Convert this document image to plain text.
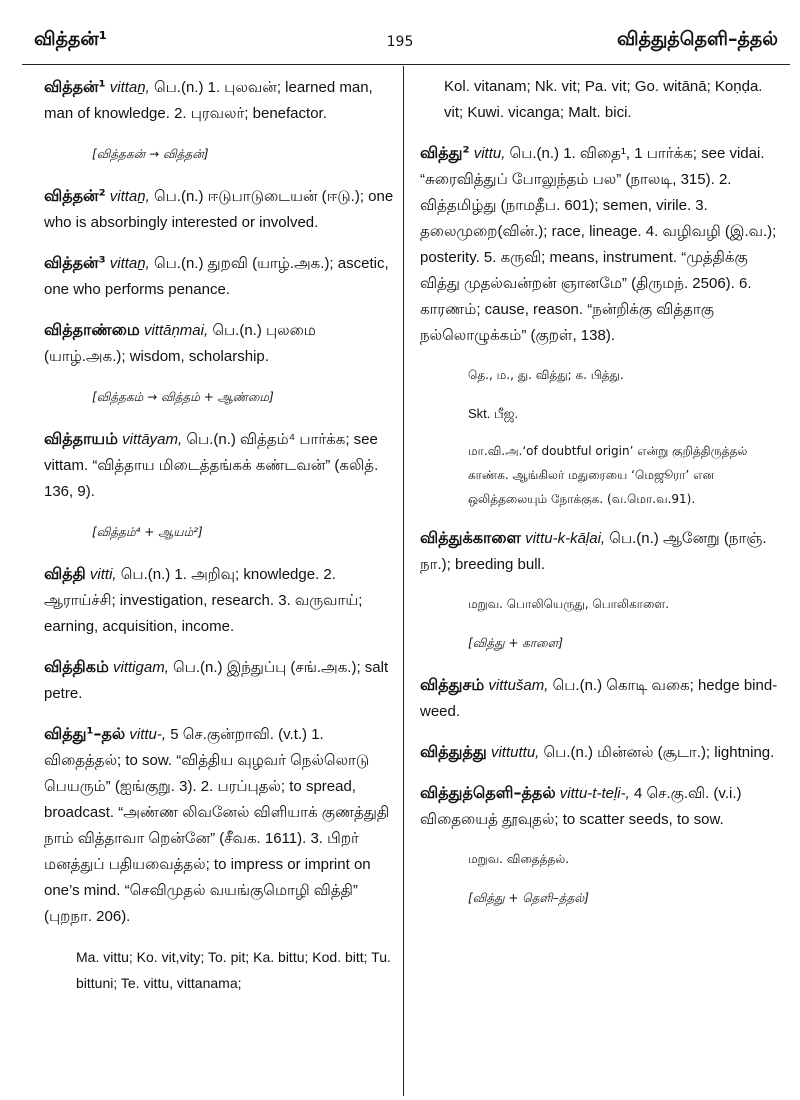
வித்தன்¹	195	வித்துத்தெளி–த்தல்
வித்தன்¹ vittaṉ, பெ.(n.) 1. புலவன்; learned man, man of knowledge. 2. புரவலர்; benefactor.
[வித்தகன் → வித்தன்]
வித்தன்² vittaṉ, பெ.(n.) ஈடுபாடுடையன் (ஈடு.); one who is absorbingly interested or involved.
வித்தன்³ vittaṉ, பெ.(n.) துறவி (யாழ்.அக.); ascetic, one who performs penance.
வித்தாண்மை vittāṇmai, பெ.(n.) புலமை (யாழ்.அக.); wisdom, scholarship.
[வித்தகம் → வித்தம் + ஆண்மை]
வித்தாயம் vittāyam, பெ.(n.) வித்தம்⁴ பார்க்க; see vittam. “வித்தாய மிடைத்தங்கக் கண்டவன்” (கலித். 136, 9).
[வித்தம்⁴ + ஆயம்²]
வித்தி vitti, பெ.(n.) 1. அறிவு; knowledge. 2. ஆராய்ச்சி; investigation, research. 3. வருவாய்; earning, acquisition, income.
வித்திகம் vittigam, பெ.(n.) இந்துப்பு (சங்.அக.); salt petre.
வித்து¹–தல் vittu-, 5 செ.குன்றாவி. (v.t.) 1. விதைத்தல்; to sow. “வித்திய வுழவர் நெல்லொடு பெயரும்” (ஐங்குறு. 3). 2. பரப்புதல்; to spread, broadcast. “அண்ண லிவனேல் விளியாக் குணத்துதி நாம் வித்தாவா றென்னே” (சீவக. 1611). 3. பிறர் மனத்துப் பதியவைத்தல்; to impress or imprint on one’s mind. “செவிமுதல் வயங்குமொழி வித்தி” (புறநா. 206).
Ma. vittu; Ko. vit,vity; To. pit; Ka. bittu; Kod. bitt; Tu. bittuni; Te. vittu, vittanama;
Kol. vitanam; Nk. vit; Pa. vit; Go. witānā; Koṇḍa. vit; Kuwi. vicanga; Malt. bici.
வித்து² vittu, பெ.(n.) 1. விதை¹, 1 பார்க்க; see vidai. “சுரைவித்துப் போலுந்தம் பல” (நாலடி, 315). 2. வித்தமிழ்து (நாமதீப. 601); semen, virile. 3. தலைமுறை(வின்.); race, lineage. 4. வழிவழி (இ.வ.); posterity. 5. கருவி; means, instrument. “முத்திக்கு வித்து முதல்வன்றன் ஞானமே” (திருமந். 2506). 6. காரணம்; cause, reason. “நன்றிக்கு வித்தாகு நல்லொழுக்கம்” (குறள், 138).
தெ., ம., து. வித்து; க. பித்து.
Skt. பீஜ.
மா.வி.அ.‘of doubtful origin’ என்று குறித்திருத்தல் காண்க. ஆங்கிலர் மதுரையை ‘மெஜூரா’ என ஒலித்தலையும் நோக்குக. (வ.மொ.வ.91).
வித்துக்காளை vittu-k-kāḷai, பெ.(n.) ஆனேறு (நாஞ். நா.); breeding bull.
மறுவ. பொலியெருது, பொலிகாளை.
[வித்து + காளை]
வித்துசம் vittušam, பெ.(n.) கொடி வகை; hedge bind-weed.
வித்துத்து vittuttu, பெ.(n.) மின்னல் (சூடா.); lightning.
வித்துத்தெளி–த்தல் vittu-t-teḷi-, 4 செ.கு.வி. (v.i.) விதையைத் தூவுதல்; to scatter seeds, to sow.
மறுவ. விதைத்தல்.
[வித்து + தெளி–த்தல்]
